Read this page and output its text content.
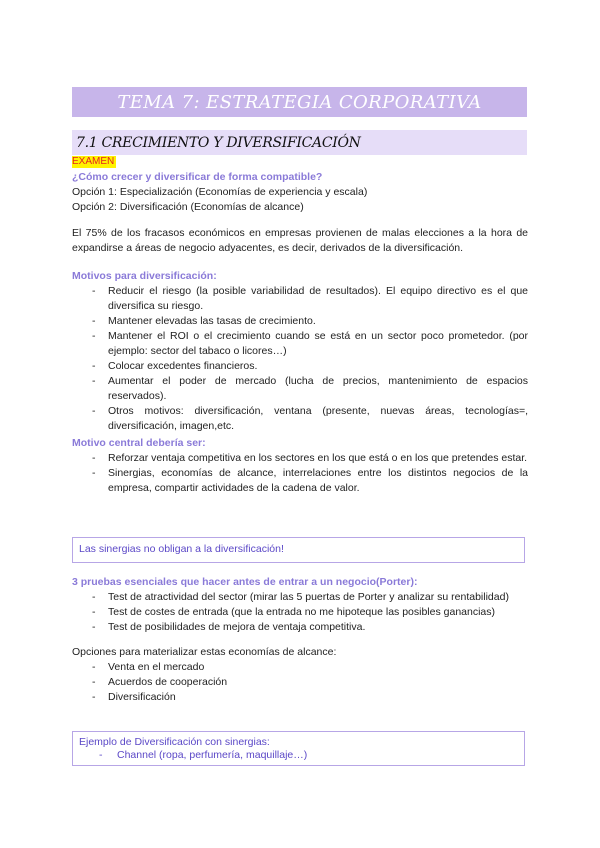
TEMA 7: ESTRATEGIA CORPORATIVA
7.1 CRECIMIENTO Y DIVERSIFICACIÓN
EXAMEN
¿Cómo crecer y diversificar de forma compatible?
Opción 1: Especialización (Economías de experiencia y escala)
Opción 2: Diversificación (Economías de alcance)
El 75% de los fracasos económicos en empresas provienen de malas elecciones a la hora de expandirse a áreas de negocio adyacentes, es decir, derivados de la diversificación.
Motivos para diversificación:
- Reducir el riesgo (la posible variabilidad de resultados). El equipo directivo es el que diversifica su riesgo.
- Mantener elevadas las tasas de crecimiento.
- Mantener el ROI o el crecimiento cuando se está en un sector poco prometedor. (por ejemplo: sector del tabaco o licores…)
- Colocar excedentes financieros.
- Aumentar el poder de mercado (lucha de precios, mantenimiento de espacios reservados).
- Otros motivos: diversificación, ventana (presente, nuevas áreas, tecnologías=, diversificación, imagen,etc.
Motivo central debería ser:
- Reforzar ventaja competitiva en los sectores en los que está o en los que pretendes estar.
- Sinergias, economías de alcance, interrelaciones entre los distintos negocios de la empresa, compartir actividades de la cadena de valor.
Las sinergias no obligan a la diversificación!
3 pruebas esenciales que hacer antes de entrar a un negocio(Porter):
- Test de atractividad del sector (mirar las 5 puertas de Porter y analizar su rentabilidad)
- Test de costes de entrada (que la entrada no me hipoteque las posibles ganancias)
- Test de posibilidades de mejora de ventaja competitiva.
Opciones para materializar estas economías de alcance:
- Venta en el mercado
- Acuerdos de cooperación
- Diversificación
Ejemplo de Diversificación con sinergias:
- Channel (ropa, perfumería, maquillaje…)
